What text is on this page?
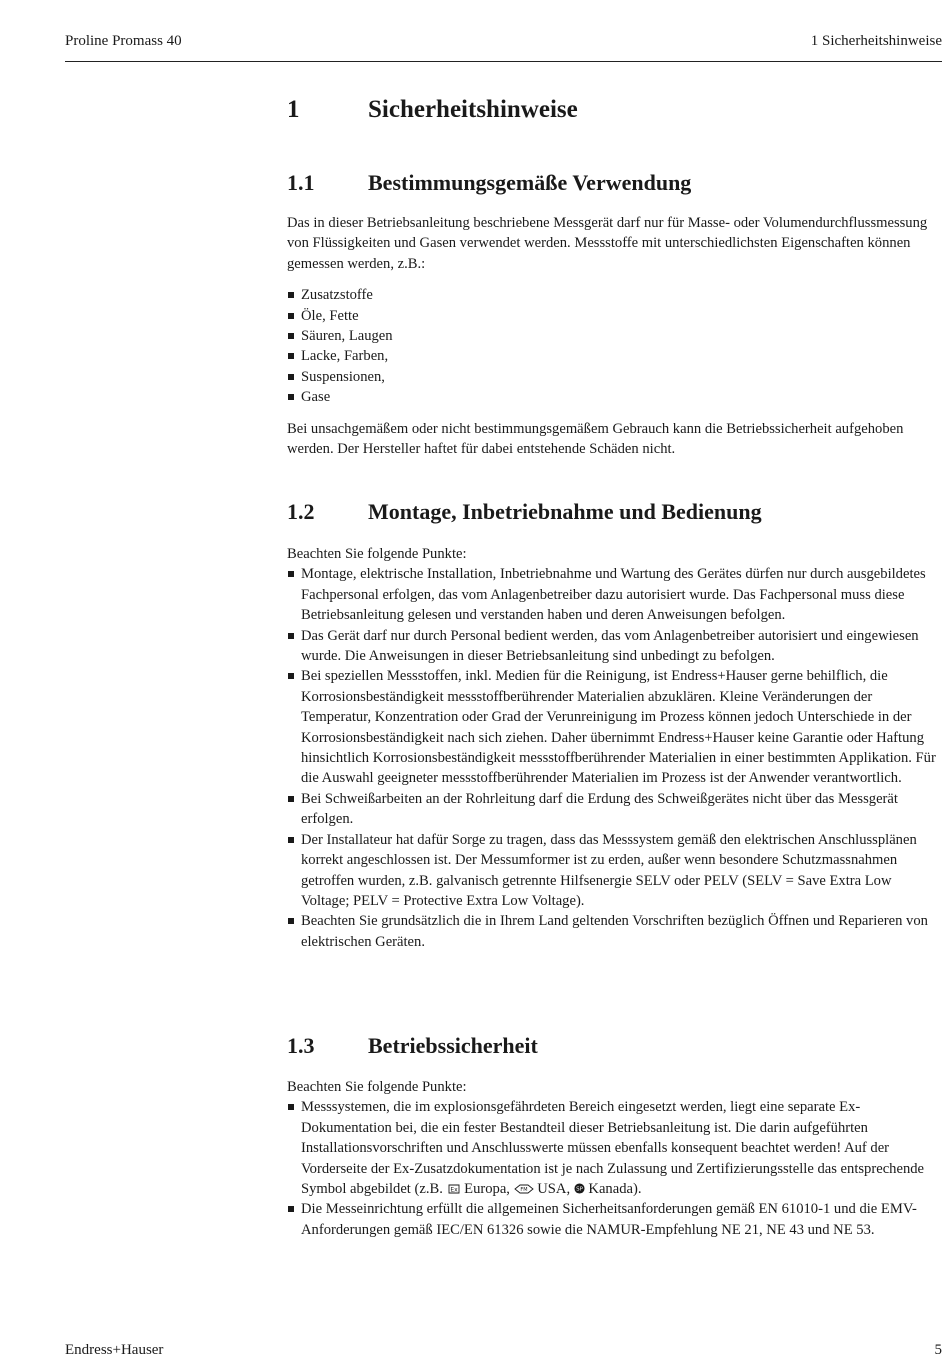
Proline Promass 40	1 Sicherheitshinweise
1	Sicherheitshinweise
1.1 Bestimmungsgemäße Verwendung

Das in dieser Betriebsanleitung beschriebene Messgerät darf nur für Masse- oder Volumendurchflussmessung von Flüssigkeiten und Gasen verwendet werden. Messstoffe mit unterschiedlichsten Eigenschaften können gemessen werden, z.B.:

Zusatzstoffe
Öle, Fette
Säuren, Laugen
Lacke, Farben,
Suspensionen,
Gase

Bei unsachgemäßem oder nicht bestimmungsgemäßem Gebrauch kann die Betriebssicherheit aufgehoben werden. Der Hersteller haftet für dabei entstehende Schäden nicht.

1.2 Montage, Inbetriebnahme und Bedienung

Beachten Sie folgende Punkte:

Montage, elektrische Installation, Inbetriebnahme und Wartung des Gerätes dürfen nur durch ausgebildetes Fachpersonal erfolgen, das vom Anlagenbetreiber dazu autorisiert wurde. Das Fachpersonal muss diese Betriebsanleitung gelesen und verstanden haben und deren Anweisungen befolgen.
Das Gerät darf nur durch Personal bedient werden, das vom Anlagenbetreiber autorisiert und eingewiesen wurde. Die Anweisungen in dieser Betriebsanleitung sind unbedingt zu befolgen.
Bei speziellen Messstoffen, inkl. Medien für die Reinigung, ist Endress+Hauser gerne behilflich, die Korrosionsbeständigkeit messstoffberührender Materialien abzuklären. Kleine Veränderungen der Temperatur, Konzentration oder Grad der Verunreinigung im Prozess können jedoch Unterschiede in der Korrosionsbeständigkeit nach sich ziehen. Daher übernimmt Endress+Hauser keine Garantie oder Haftung hinsichtlich Korrosionsbeständigkeit messstoffberührender Materialien in einer bestimmten Applikation. Für die Auswahl geeigneter messstoffberührender Materialien im Prozess ist der Anwender verantwortlich.
Bei Schweißarbeiten an der Rohrleitung darf die Erdung des Schweißgerätes nicht über das Messgerät erfolgen.
Der Installateur hat dafür Sorge zu tragen, dass das Messsystem gemäß den elektrischen Anschlussplänen korrekt angeschlossen ist. Der Messumformer ist zu erden, außer wenn besondere Schutzmassnahmen getroffen wurden, z.B. galvanisch getrennte Hilfsenergie SELV oder PELV (SELV = Save Extra Low Voltage; PELV = Protective Extra Low Voltage).
Beachten Sie grundsätzlich die in Ihrem Land geltenden Vorschriften bezüglich Öffnen und Reparieren von elektrischen Geräten.
1.3 Betriebssicherheit

Beachten Sie folgende Punkte:

Messsystemen, die im explosionsgefährdeten Bereich eingesetzt werden, liegt eine separate Ex-Dokumentation bei, die ein fester Bestandteil dieser Betriebsanleitung ist. Die darin aufgeführten Installationsvorschriften und Anschlusswerte müssen ebenfalls konsequent beachtet werden! Auf der Vorderseite der Ex-Zusatzdokumentation ist je nach Zulassung und Zertifizierungsstelle das entsprechende Symbol abgebildet (z.B. Ex Europa, FM USA, SP Kanada).
Die Messeinrichtung erfüllt die allgemeinen Sicherheitsanforderungen gemäß EN 61010-1 und die EMV-Anforderungen gemäß IEC/EN 61326 sowie die NAMUR-Empfehlung NE 21, NE 43 und NE 53.
Endress+Hauser	5
